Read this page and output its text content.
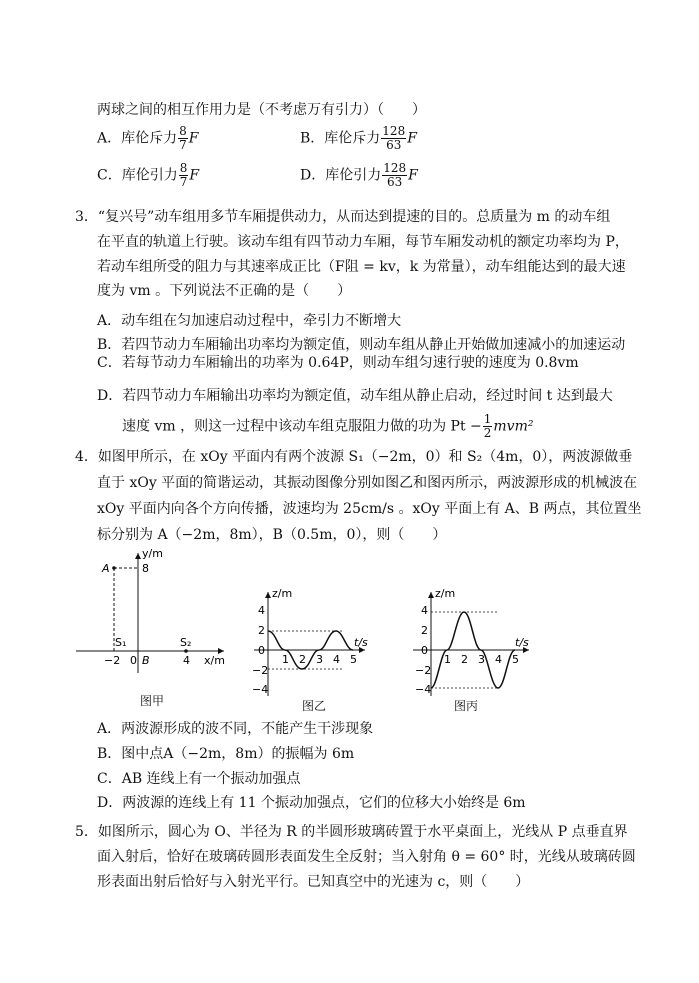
两球之间的相互作用力是（不考虑万有引力）（　　）
A．库伦斥力 $\frac{8}{7}$ F	B．库伦斥力 $\frac{128}{63}$ F
C．库伦引力 $\frac{8}{7}$ F	D．库伦引力 $\frac{128}{63}$ F
3．“复兴号”动车组用多节车厢提供动力，从而达到提速的目的。总质量为 m 的动车组
在平直的轨道上行驶。该动车组有四节动力车厢，每节车厢发动机的额定功率均为 P，
若动车组所受的阻力与其速率成正比（F阻 = kv，k 为常量），动车组能达到的最大速
度为 vm 。下列说法不正确的是（　　）
A．动车组在匀加速启动过程中，牵引力不断增大
B．若四节动力车厢输出功率均为额定值，则动车组从静止开始做加速减小的加速运动
C．若每节动力车厢输出的功率为 0.64P，则动车组匀速行驶的速度为 0.8vm
D．若四节动力车厢输出功率均为额定值，动车组从静止启动，经过时间 t 达到最大
速度 vm ，则这一过程中该动车组克服阻力做的功为 $Pt - \frac{1}{2} mvm^2$
4．如图甲所示，在 xOy 平面内有两个波源 S₁（−2m，0）和 S₂（4m，0），两波源做垂
直于 xOy 平面的简谐运动，其振动图像分别如图乙和图丙所示，两波源形成的机械波在
xOy 平面内向各个方向传播，波速均为 25cm/s 。xOy 平面上有 A、B 两点，其位置坐
标分别为 A（−2m，8m），B（0.5m，0），则（　　）
y/m
8
A
S₁	S₂
−2 0 B	4 x/m
图甲
z/m
4
2
0
−2
−4
1 2 3 4 5
t/s
图乙
z/m
4
2
0
−2
−4
1 2 3 4 5
t/s
图丙
A．两波源形成的波不同，不能产生干涉现象
B．图中点A（−2m，8m）的振幅为 6m
C．AB 连线上有一个振动加强点
D．两波源的连线上有 11 个振动加强点，它们的位移大小始终是 6m
5．如图所示，圆心为 O、半径为 R 的半圆形玻璃砖置于水平桌面上，光线从 P 点垂直界
面入射后，恰好在玻璃砖圆形表面发生全反射；当入射角 θ = 60° 时，光线从玻璃砖圆
形表面出射后恰好与入射光平行。已知真空中的光速为 c，则（　　）
